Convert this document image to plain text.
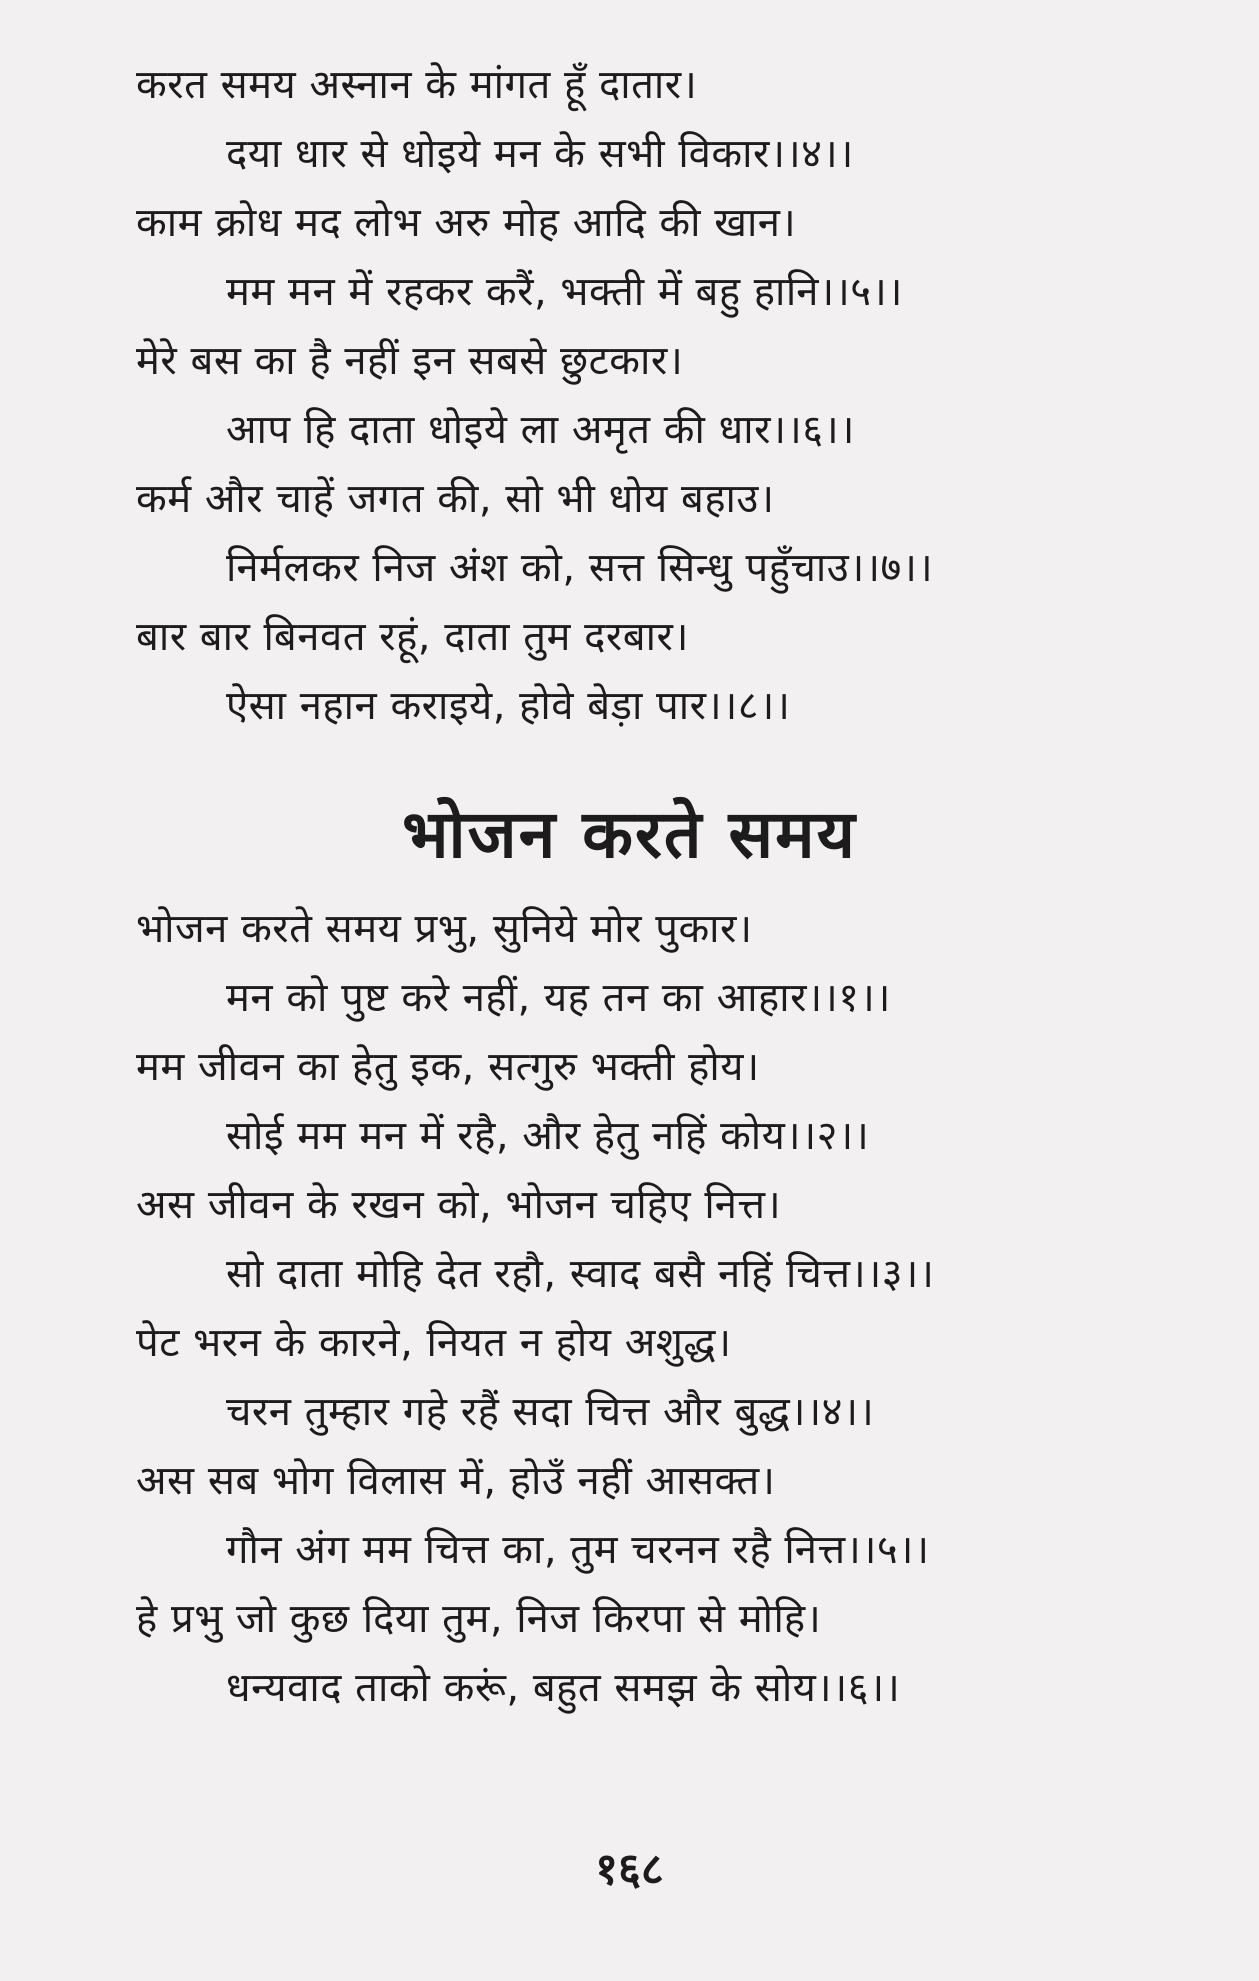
करत समय अस्नान के मांगत हूँ दातार।
दया धार से धोइये मन के सभी विकार।।४।।
काम क्रोध मद लोभ अरु मोह आदि की खान।
मम मन में रहकर करैं, भक्ती में बहु हानि।।५।।
मेरे बस का है नहीं इन सबसे छुटकार।
आप हि दाता धोइये ला अमृत की धार।।६।।
कर्म और चाहें जगत की, सो भी धोय बहाउ।
निर्मलकर निज अंश को, सत्त सिन्धु पहुँचाउ।।७।।
बार बार बिनवत रहूं, दाता तुम दरबार।
ऐसा नहान कराइये, होवे बेड़ा पार।।८।।
भोजन करते समय
भोजन करते समय प्रभु, सुनिये मोर पुकार।
मन को पुष्ट करे नहीं, यह तन का आहार।।१।।
मम जीवन का हेतु इक, सत्गुरु भक्ती होय।
सोई मम मन में रहै, और हेतु नहिं कोय।।२।।
अस जीवन के रखन को, भोजन चहिए नित्त।
सो दाता मोहि देत रहौ, स्वाद बसै नहिं चित्त।।३।।
पेट भरन के कारने, नियत न होय अशुद्ध।
चरन तुम्हार गहे रहैं सदा चित्त और बुद्ध।।४।।
अस सब भोग विलास में, होउँ नहीं आसक्त।
गौन अंग मम चित्त का, तुम चरनन रहै नित्त।।५।।
हे प्रभु जो कुछ दिया तुम, निज किरपा से मोहि।
धन्यवाद ताको करूं, बहुत समझ के सोय।।६।।
१६८
